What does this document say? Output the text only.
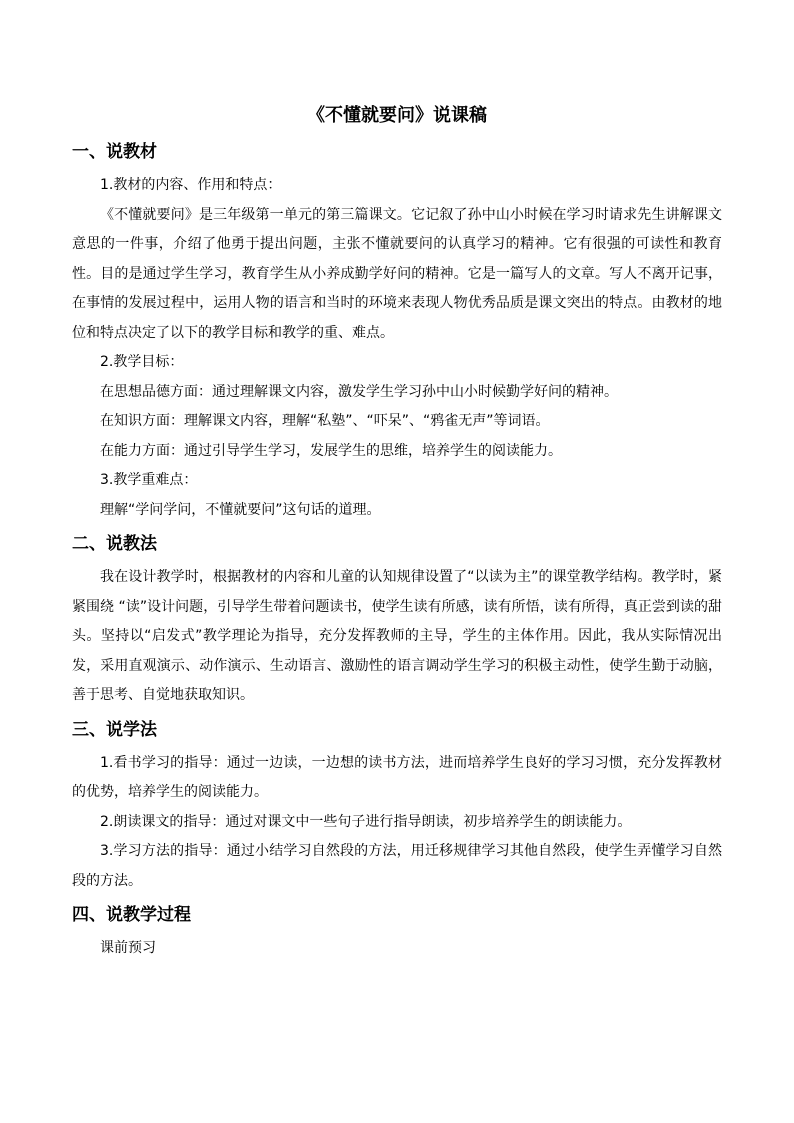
《不懂就要问》说课稿
一、说教材

1.教材的内容、作用和特点：

《不懂就要问》是三年级第一单元的第三篇课文。它记叙了孙中山小时候在学习时请求先生讲解课文意思的一件事，介绍了他勇于提出问题，主张不懂就要问的认真学习的精神。它有很强的可读性和教育性。目的是通过学生学习，教育学生从小养成勤学好问的精神。它是一篇写人的文章。写人不离开记事，在事情的发展过程中，运用人物的语言和当时的环境来表现人物优秀品质是课文突出的特点。由教材的地位和特点决定了以下的教学目标和教学的重、难点。

2.教学目标：

在思想品德方面：通过理解课文内容，激发学生学习孙中山小时候勤学好问的精神。

在知识方面：理解课文内容，理解“私塾”、“吓呆”、“鸦雀无声”等词语。

在能力方面：通过引导学生学习，发展学生的思维，培养学生的阅读能力。

3.教学重难点：

理解“学问学问，不懂就要问”这句话的道理。

二、说教法

我在设计教学时，根据教材的内容和儿童的认知规律设置了“以读为主”的课堂教学结构。教学时，紧紧围绕 “读”设计问题，引导学生带着问题读书，使学生读有所感，读有所悟，读有所得，真正尝到读的甜头。坚持以“启发式”教学理论为指导，充分发挥教师的主导，学生的主体作用。因此，我从实际情况出发，采用直观演示、动作演示、生动语言、激励性的语言调动学生学习的积极主动性，使学生勤于动脑，善于思考、自觉地获取知识。

三、说学法

1.看书学习的指导：通过一边读，一边想的读书方法，进而培养学生良好的学习习惯，充分发挥教材的优势，培养学生的阅读能力。

2.朗读课文的指导：通过对课文中一些句子进行指导朗读，初步培养学生的朗读能力。

3.学习方法的指导：通过小结学习自然段的方法，用迁移规律学习其他自然段，使学生弄懂学习自然段的方法。

四、说教学过程

课前预习
